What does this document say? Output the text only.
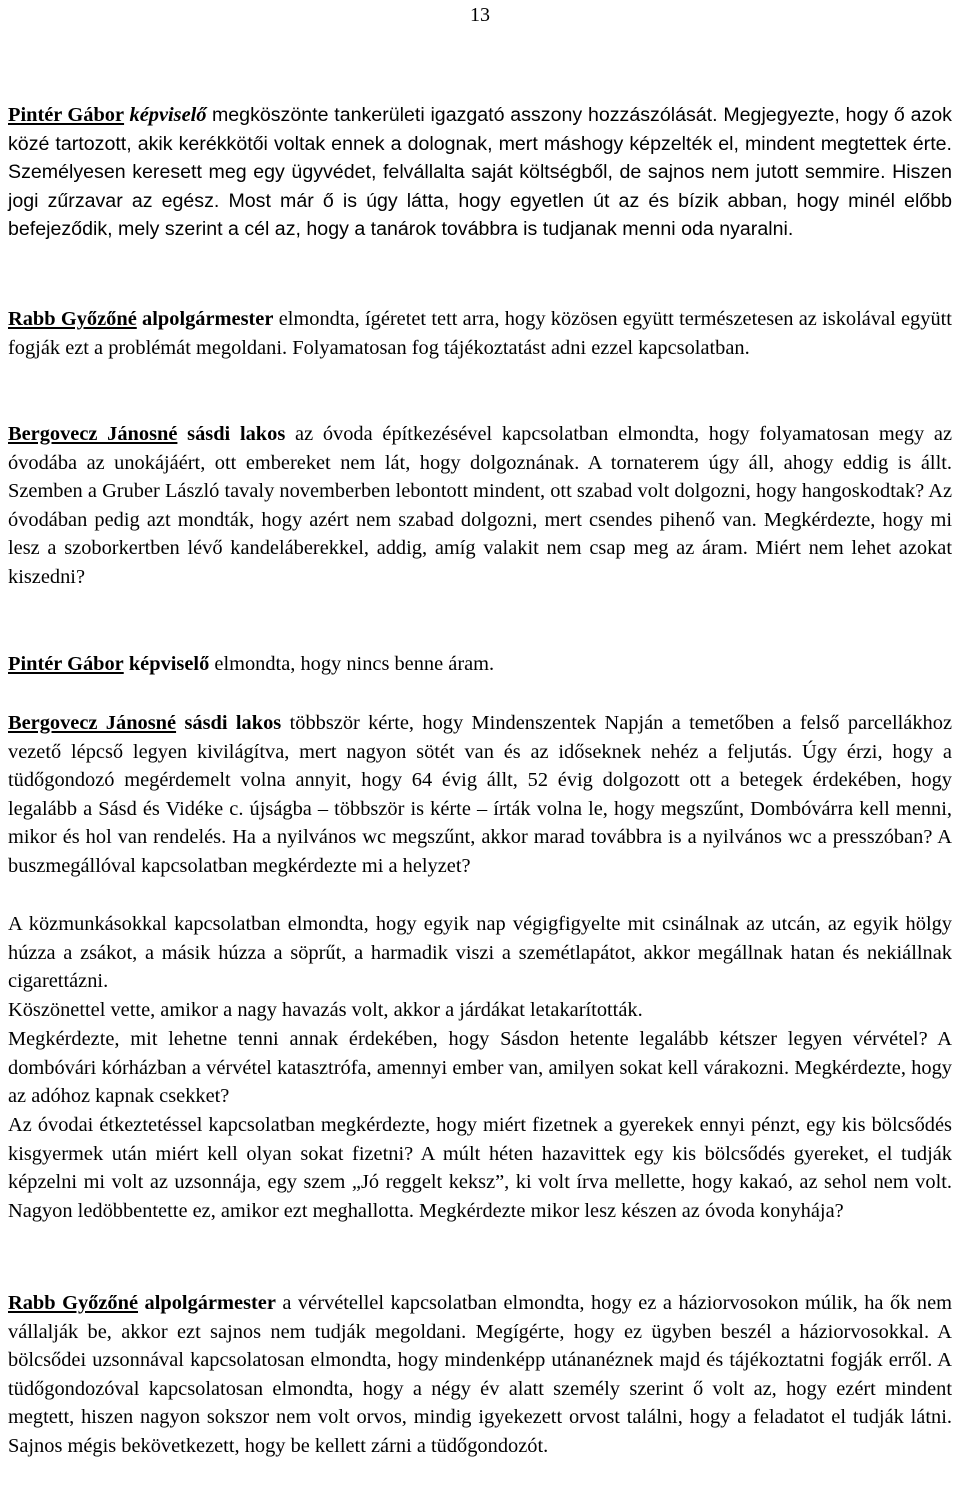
13

Pintér Gábor képviselő megköszönte tankerületi igazgató asszony hozzászólását. Megjegyezte, hogy ő azok közé tartozott, akik kerékkötői voltak ennek a dolognak, mert máshogy képzelték el, mindent megtettek érte. Személyesen keresett meg egy ügyvédet, felvállalta saját költségből, de sajnos nem jutott semmire. Hiszen jogi zűrzavar az egész. Most már ő is úgy látta, hogy egyetlen út az és bízik abban, hogy minél előbb befejeződik, mely szerint a cél az, hogy a tanárok továbbra is tudjanak menni oda nyaralni.

Rabb Győzőné alpolgármester elmondta, ígéretet tett arra, hogy közösen együtt természetesen az iskolával együtt fogják ezt a problémát megoldani. Folyamatosan fog tájékoztatást adni ezzel kapcsolatban.

Bergovecz Jánosné sásdi lakos az óvoda építkezésével kapcsolatban elmondta, hogy folyamatosan megy az óvodába az unokájáért, ott embereket nem lát, hogy dolgoznának. A tornaterem úgy áll, ahogy eddig is állt. Szemben a Gruber László tavaly novemberben lebontott mindent, ott szabad volt dolgozni, hogy hangoskodtak? Az óvodában pedig azt mondták, hogy azért nem szabad dolgozni, mert csendes pihenő van. Megkérdezte, hogy mi lesz a szoborkertben lévő kandeláberekkel, addig, amíg valakit nem csap meg az áram. Miért nem lehet azokat kiszedni?

Pintér Gábor képviselő elmondta, hogy nincs benne áram.

Bergovecz Jánosné sásdi lakos többször kérte, hogy Mindenszentek Napján a temetőben a felső parcellákhoz vezető lépcső legyen kivilágítva, mert nagyon sötét van és az időseknek nehéz a feljutás. Úgy érzi, hogy a tüdőgondozó megérdemelt volna annyit, hogy 64 évig állt, 52 évig dolgozott ott a betegek érdekében, hogy legalább a Sásd és Vidéke c. újságba – többször is kérte – írták volna le, hogy megszűnt, Dombóvárra kell menni, mikor és hol van rendelés. Ha a nyilvános wc megszűnt, akkor marad továbbra is a nyilvános wc a presszóban? A buszmegállóval kapcsolatban megkérdezte mi a helyzet?

A közmunkásokkal kapcsolatban elmondta, hogy egyik nap végigfigyelte mit csinálnak az utcán, az egyik hölgy húzza a zsákot, a másik húzza a söprűt, a harmadik viszi a szemétlapátot, akkor megállnak hatan és nekiállnak cigarettázni.

Köszönettel vette, amikor a nagy havazás volt, akkor a járdákat letakarították.

Megkérdezte, mit lehetne tenni annak érdekében, hogy Sásdon hetente legalább kétszer legyen vérvétel? A dombóvári kórházban a vérvétel katasztrófa, amennyi ember van, amilyen sokat kell várakozni. Megkérdezte, hogy az adóhoz kapnak csekket?

Az óvodai étkeztetéssel kapcsolatban megkérdezte, hogy miért fizetnek a gyerekek ennyi pénzt, egy kis bölcsődés kisgyermek után miért kell olyan sokat fizetni? A múlt héten hazavittek egy kis bölcsődés gyereket, el tudják képzelni mi volt az uzsonnája, egy szem „Jó reggelt keksz”, ki volt írva mellette, hogy kakaó, az sehol nem volt. Nagyon ledöbbentette ez, amikor ezt meghallotta. Megkérdezte mikor lesz készen az óvoda konyhája?

Rabb Győzőné alpolgármester a vérvétellel kapcsolatban elmondta, hogy ez a háziorvosokon múlik, ha ők nem vállalják be, akkor ezt sajnos nem tudják megoldani. Megígérte, hogy ez ügyben beszél a háziorvosokkal. A bölcsődei uzsonnával kapcsolatosan elmondta, hogy mindenképp utánanéznek majd és tájékoztatni fogják erről. A tüdőgondozóval kapcsolatosan elmondta, hogy a négy év alatt személy szerint ő volt az, hogy ezért mindent megtett, hiszen nagyon sokszor nem volt orvos, mindig igyekezett orvost találni, hogy a feladatot el tudják látni. Sajnos mégis bekövetkezett, hogy be kellett zárni a tüdőgondozót.
